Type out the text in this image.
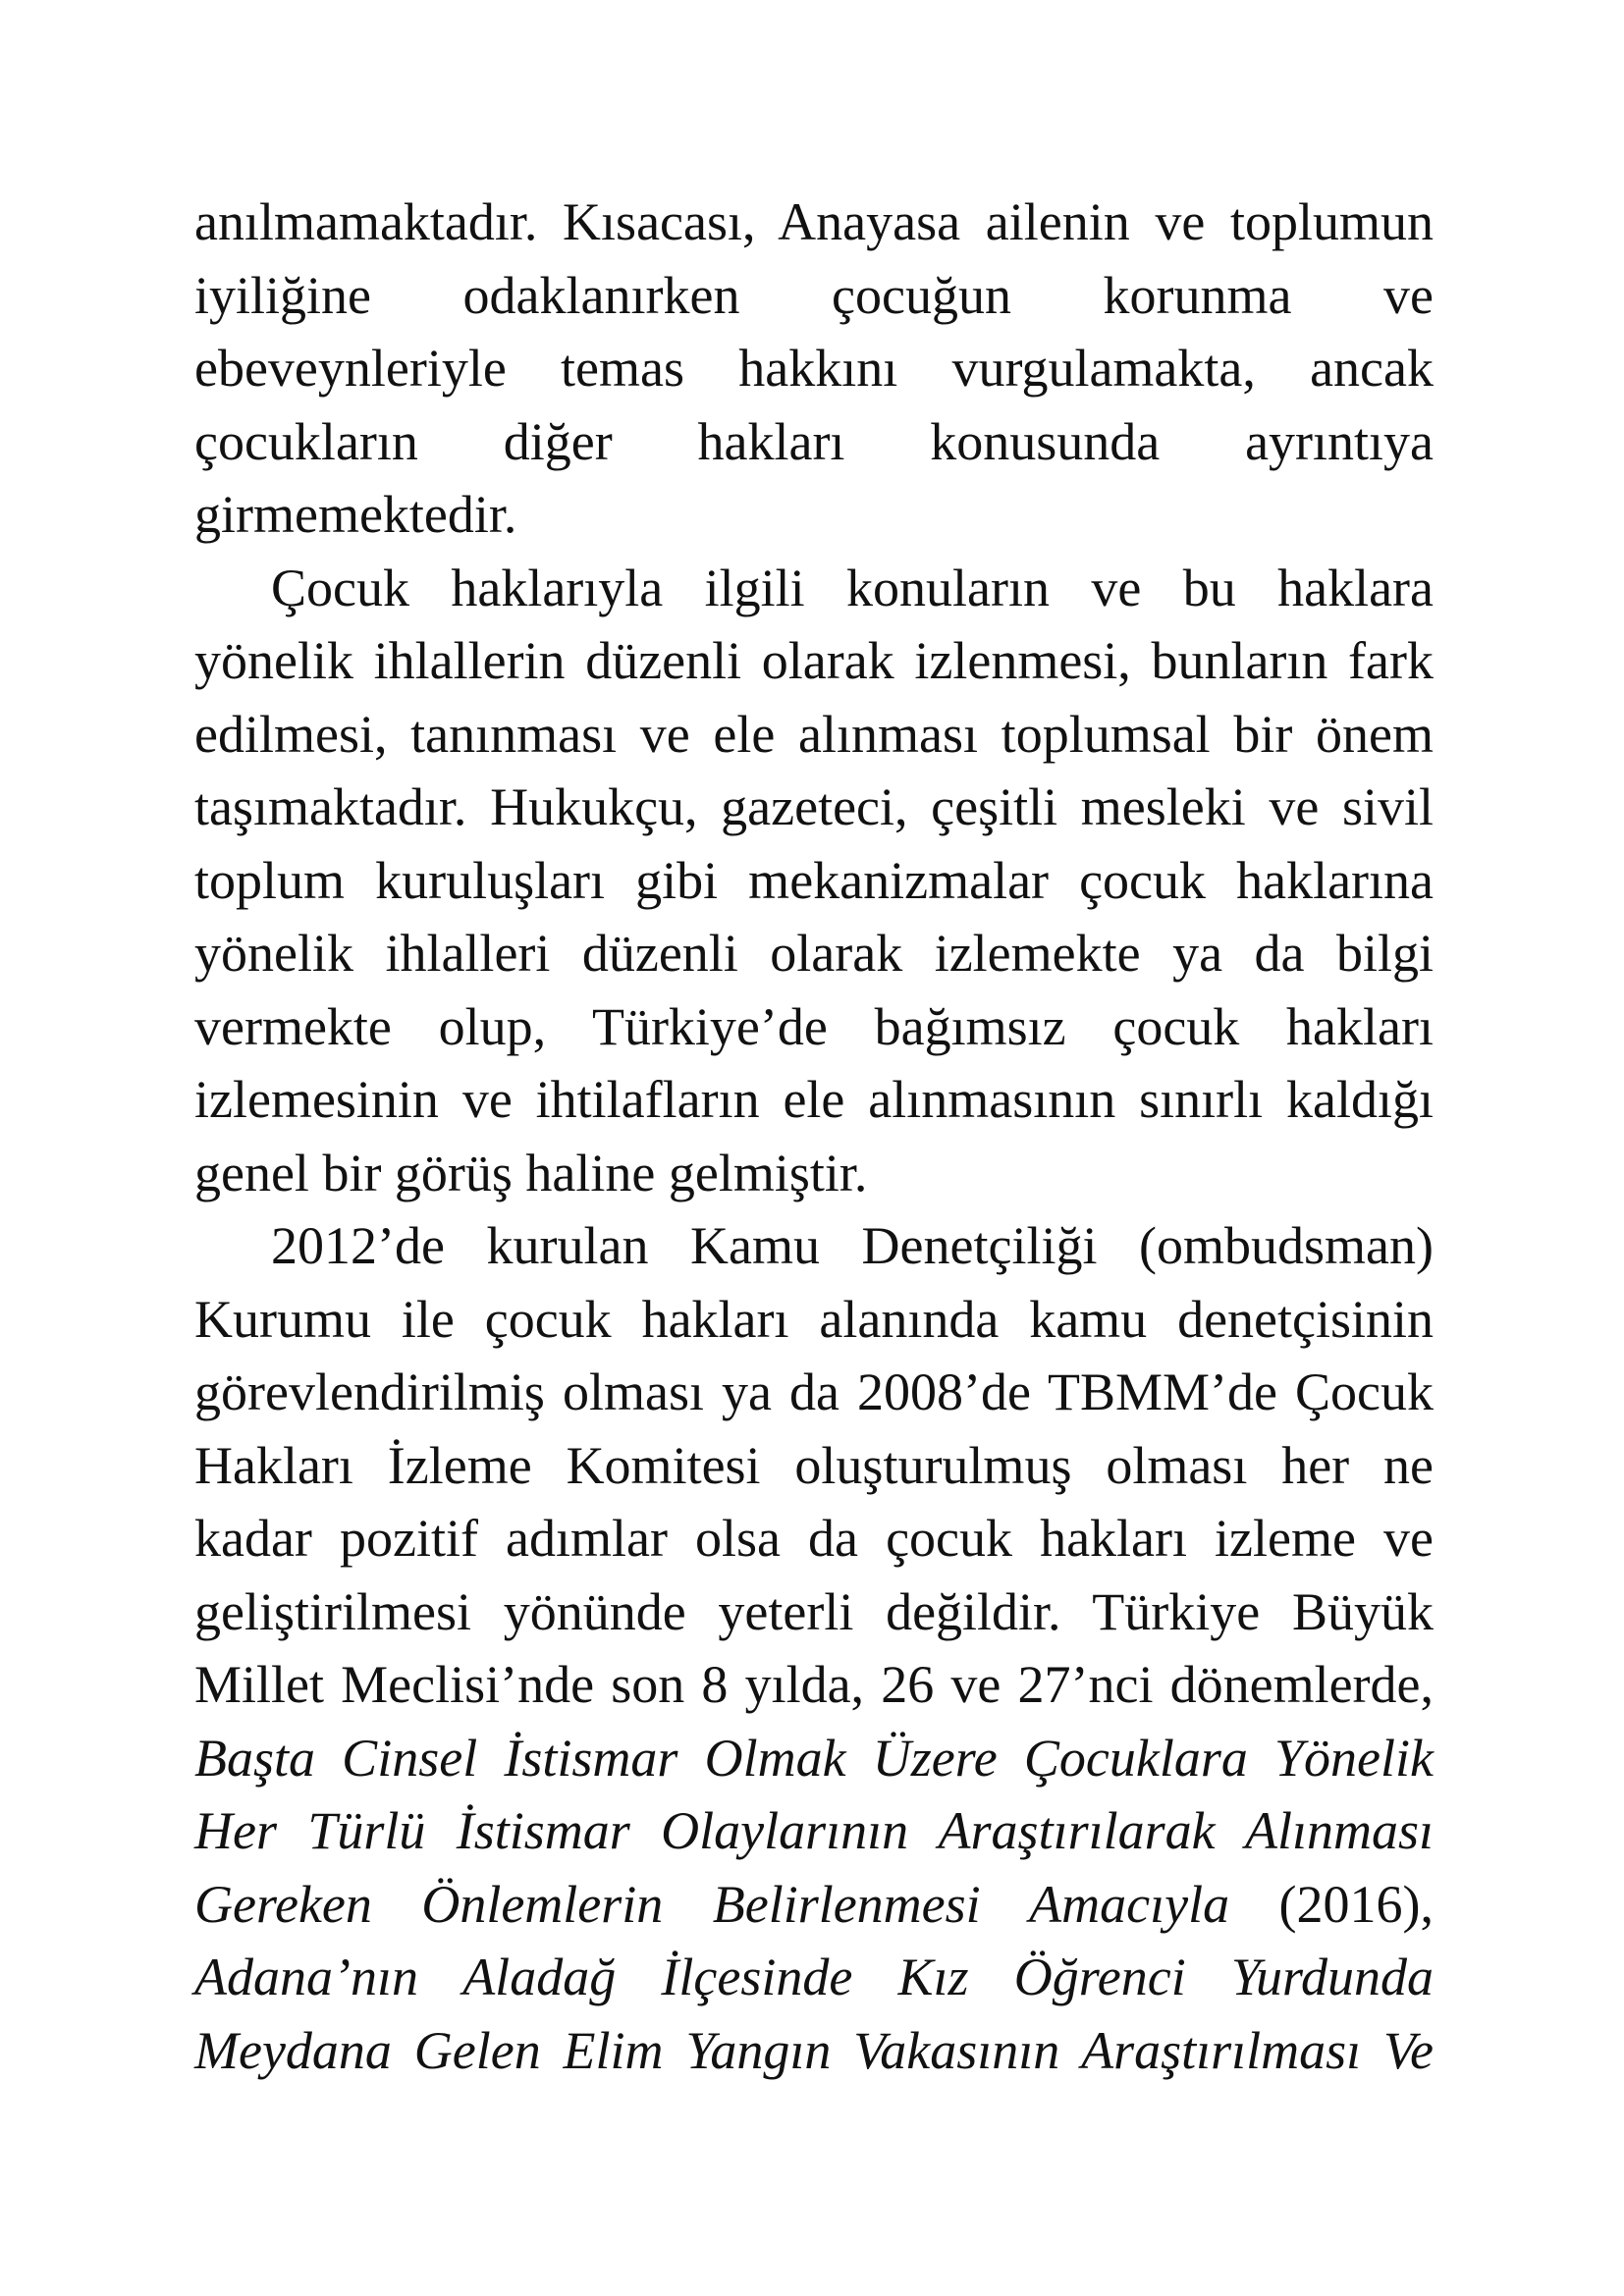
anılmamaktadır. Kısacası, Anayasa ailenin ve toplumun
iyiliğine odaklanırken çocuğun korunma ve
ebeveynleriyle temas hakkını vurgulamakta, ancak
çocukların diğer hakları konusunda ayrıntıya
girmemektedir.
Çocuk haklarıyla ilgili konuların ve bu haklara
yönelik ihlallerin düzenli olarak izlenmesi, bunların fark
edilmesi, tanınması ve ele alınması toplumsal bir önem
taşımaktadır. Hukukçu, gazeteci, çeşitli mesleki ve sivil
toplum kuruluşları gibi mekanizmalar çocuk haklarına
yönelik ihlalleri düzenli olarak izlemekte ya da bilgi
vermekte olup, Türkiye’de bağımsız çocuk hakları
izlemesinin ve ihtilafların ele alınmasının sınırlı kaldığı
genel bir görüş haline gelmiştir.
2012’de kurulan Kamu Denetçiliği (ombudsman)
Kurumu ile çocuk hakları alanında kamu denetçisinin
görevlendirilmiş olması ya da 2008’de TBMM’de Çocuk
Hakları İzleme Komitesi oluşturulmuş olması her ne
kadar pozitif adımlar olsa da çocuk hakları izleme ve
geliştirilmesi yönünde yeterli değildir. Türkiye Büyük
Millet Meclisi’nde son 8 yılda, 26 ve 27’nci dönemlerde,
Başta Cinsel İstismar Olmak Üzere Çocuklara Yönelik
Her Türlü İstismar Olaylarının Araştırılarak Alınması
Gereken Önlemlerin Belirlenmesi Amacıyla (2016),
Adana’nın Aladağ İlçesinde Kız Öğrenci Yurdunda
Meydana Gelen Elim Yangın Vakasının Araştırılması Ve
